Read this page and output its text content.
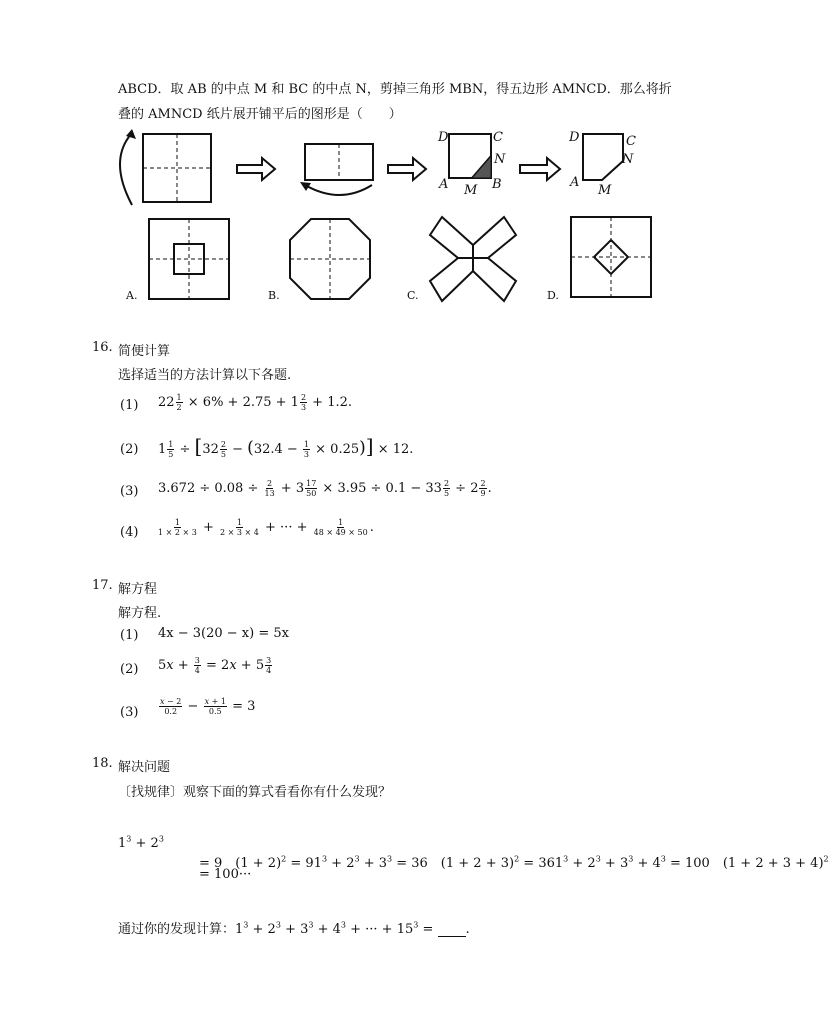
ABCD．取 AB 的中点 M 和 BC 的中点 N，剪掉三角形 MBN，得五边形 AMNCD．那么将折
叠的 AMNCD 纸片展开铺平后的图形是（　　）
D	C
N
A M B
D	C
N
A
M
A.	B.	C.	D.
16. 简便计算
选择适当的方法计算以下各题.
(1) $22 \frac{1}{2} \times 6\% + 2.75 + 1 \frac{2}{3} + 1.2$.
(2) $1 \frac{1}{5} \div [32 \frac{2}{5} - (32.4 - \frac{1}{3} \times 0.25)] \times 12$.
(3) $3.672 \div 0.08 \div \frac{2}{13} + 3 \frac{17}{50} \times 3.95 \div 0.1 - 33 \frac{2}{5} \div 2 \frac{2}{9}$ .
$(4) \frac{1}{1 \times 2 \times 3} + \frac{1}{2 \times 3 \times 4}$ + ··· + $\frac{1}{48 \times 49 \times 50}$ .
17. 解方程
解方程.
(1) 4x − 3(20 − x) = 5x
(2) $5x + \frac{3}{4} = 2x + 5 \frac{3}{4}$
(3)	$\frac{x - 2}{0.2} - \frac{x + 1}{0.5} = 3$
18. 解决问题
〔找规律〕观察下面的算式看看你有什么发现？
$1^3 + 2^3$
= 9　$(1 + 2)^2 = 91^3 + 2^3 + 3^3 = 36$　$(1 + 2 + 3)^2 = 361^3 + 2^3 + 3^3 + 4^3 = 100$　$(1 + 2 + 3 + 4)^2$
= 100···
通过你的发现计算：$1^3 + 2^3 + 3^3 + 4^3$ + ··· + $15^3$ = .
